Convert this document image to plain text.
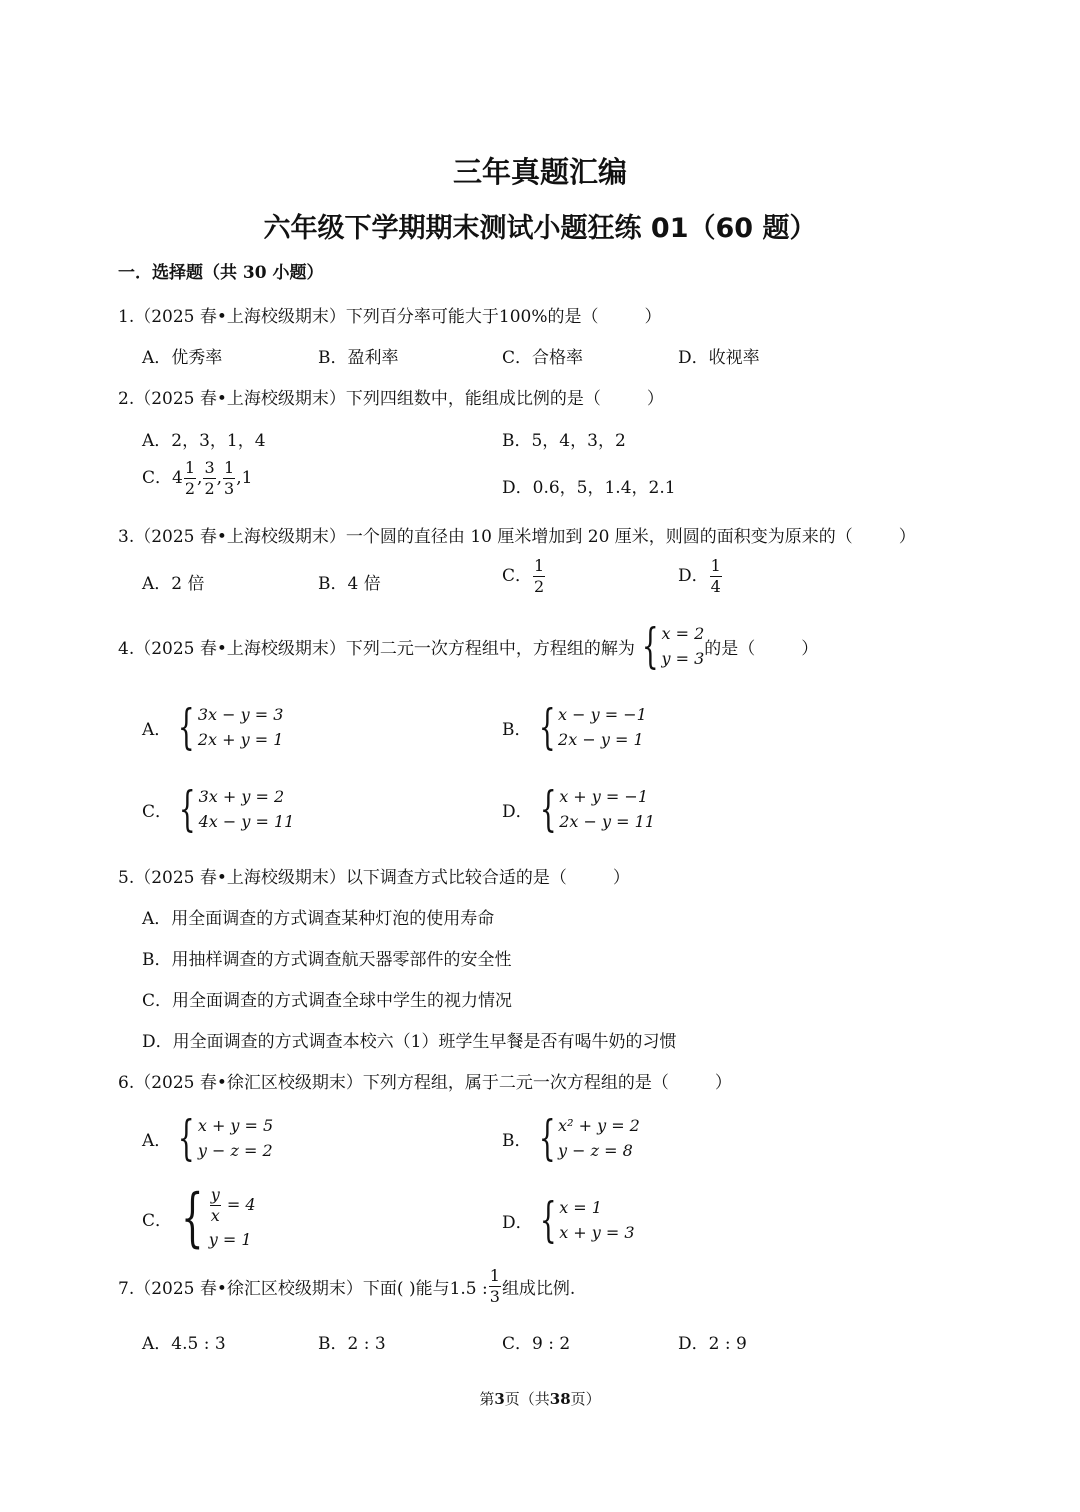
三年真题汇编
六年级下学期期末测试小题狂练 01（60 题）
一．选择题（共 30 小题）
1.（2025 春•上海校级期末）下列百分率可能大于100%的是（	）
A．优秀率	B．盈利率	C．合格率	D．收视率
2.（2025 春•上海校级期末）下列四组数中，能组成比例的是（	）
A．2，3，1，4	B．5，4，3，2
C．$4 \frac{1}{2}$ , $\frac{3}{2}$ , $\frac{1}{3} ,1$	D．0.6，5，1.4，2.1
3.（2025 春•上海校级期末）一个圆的直径由 10 厘米增加到 20 厘米，则圆的面积变为原来的（	）
A．2 倍	B．4 倍	C． $\frac{1}{2}$	D． $\frac{1}{4}$
4.（2025 春•上海校级期末）下列二元一次方程组中，方程组的解为 { x = 2
y = 3 的是（	）
A． { 3x − y = 3
2x + y = 1	B． { x − y = −1
2x − y = 1
C． { 3x + y = 2
4x − y = 11	D． { x + y = −1
2x − y = 11
5.（2025 春•上海校级期末）以下调查方式比较合适的是（	）
A．用全面调查的方式调查某种灯泡的使用寿命
B．用抽样调查的方式调查航天器零部件的安全性
C．用全面调查的方式调查全球中学生的视力情况
D．用全面调查的方式调查本校六（1）班学生早餐是否有喝牛奶的习惯
6.（2025 春•徐汇区校级期末）下列方程组，属于二元一次方程组的是（	）
A． { x + y = 5
y − z = 2	B． { x² + y = 2
y − z = 8
C． { $\frac{y}{x} = 4$
y = 1
D． { x = 1
x + y = 3
7.（2025 春•徐汇区校级期末）下面( )能与1.5 : $\frac{1}{3}$ 组成比例.
A．4.5 : 3	B．2 : 3	C．9 : 2	D．2 : 9
第3页（共38页）
